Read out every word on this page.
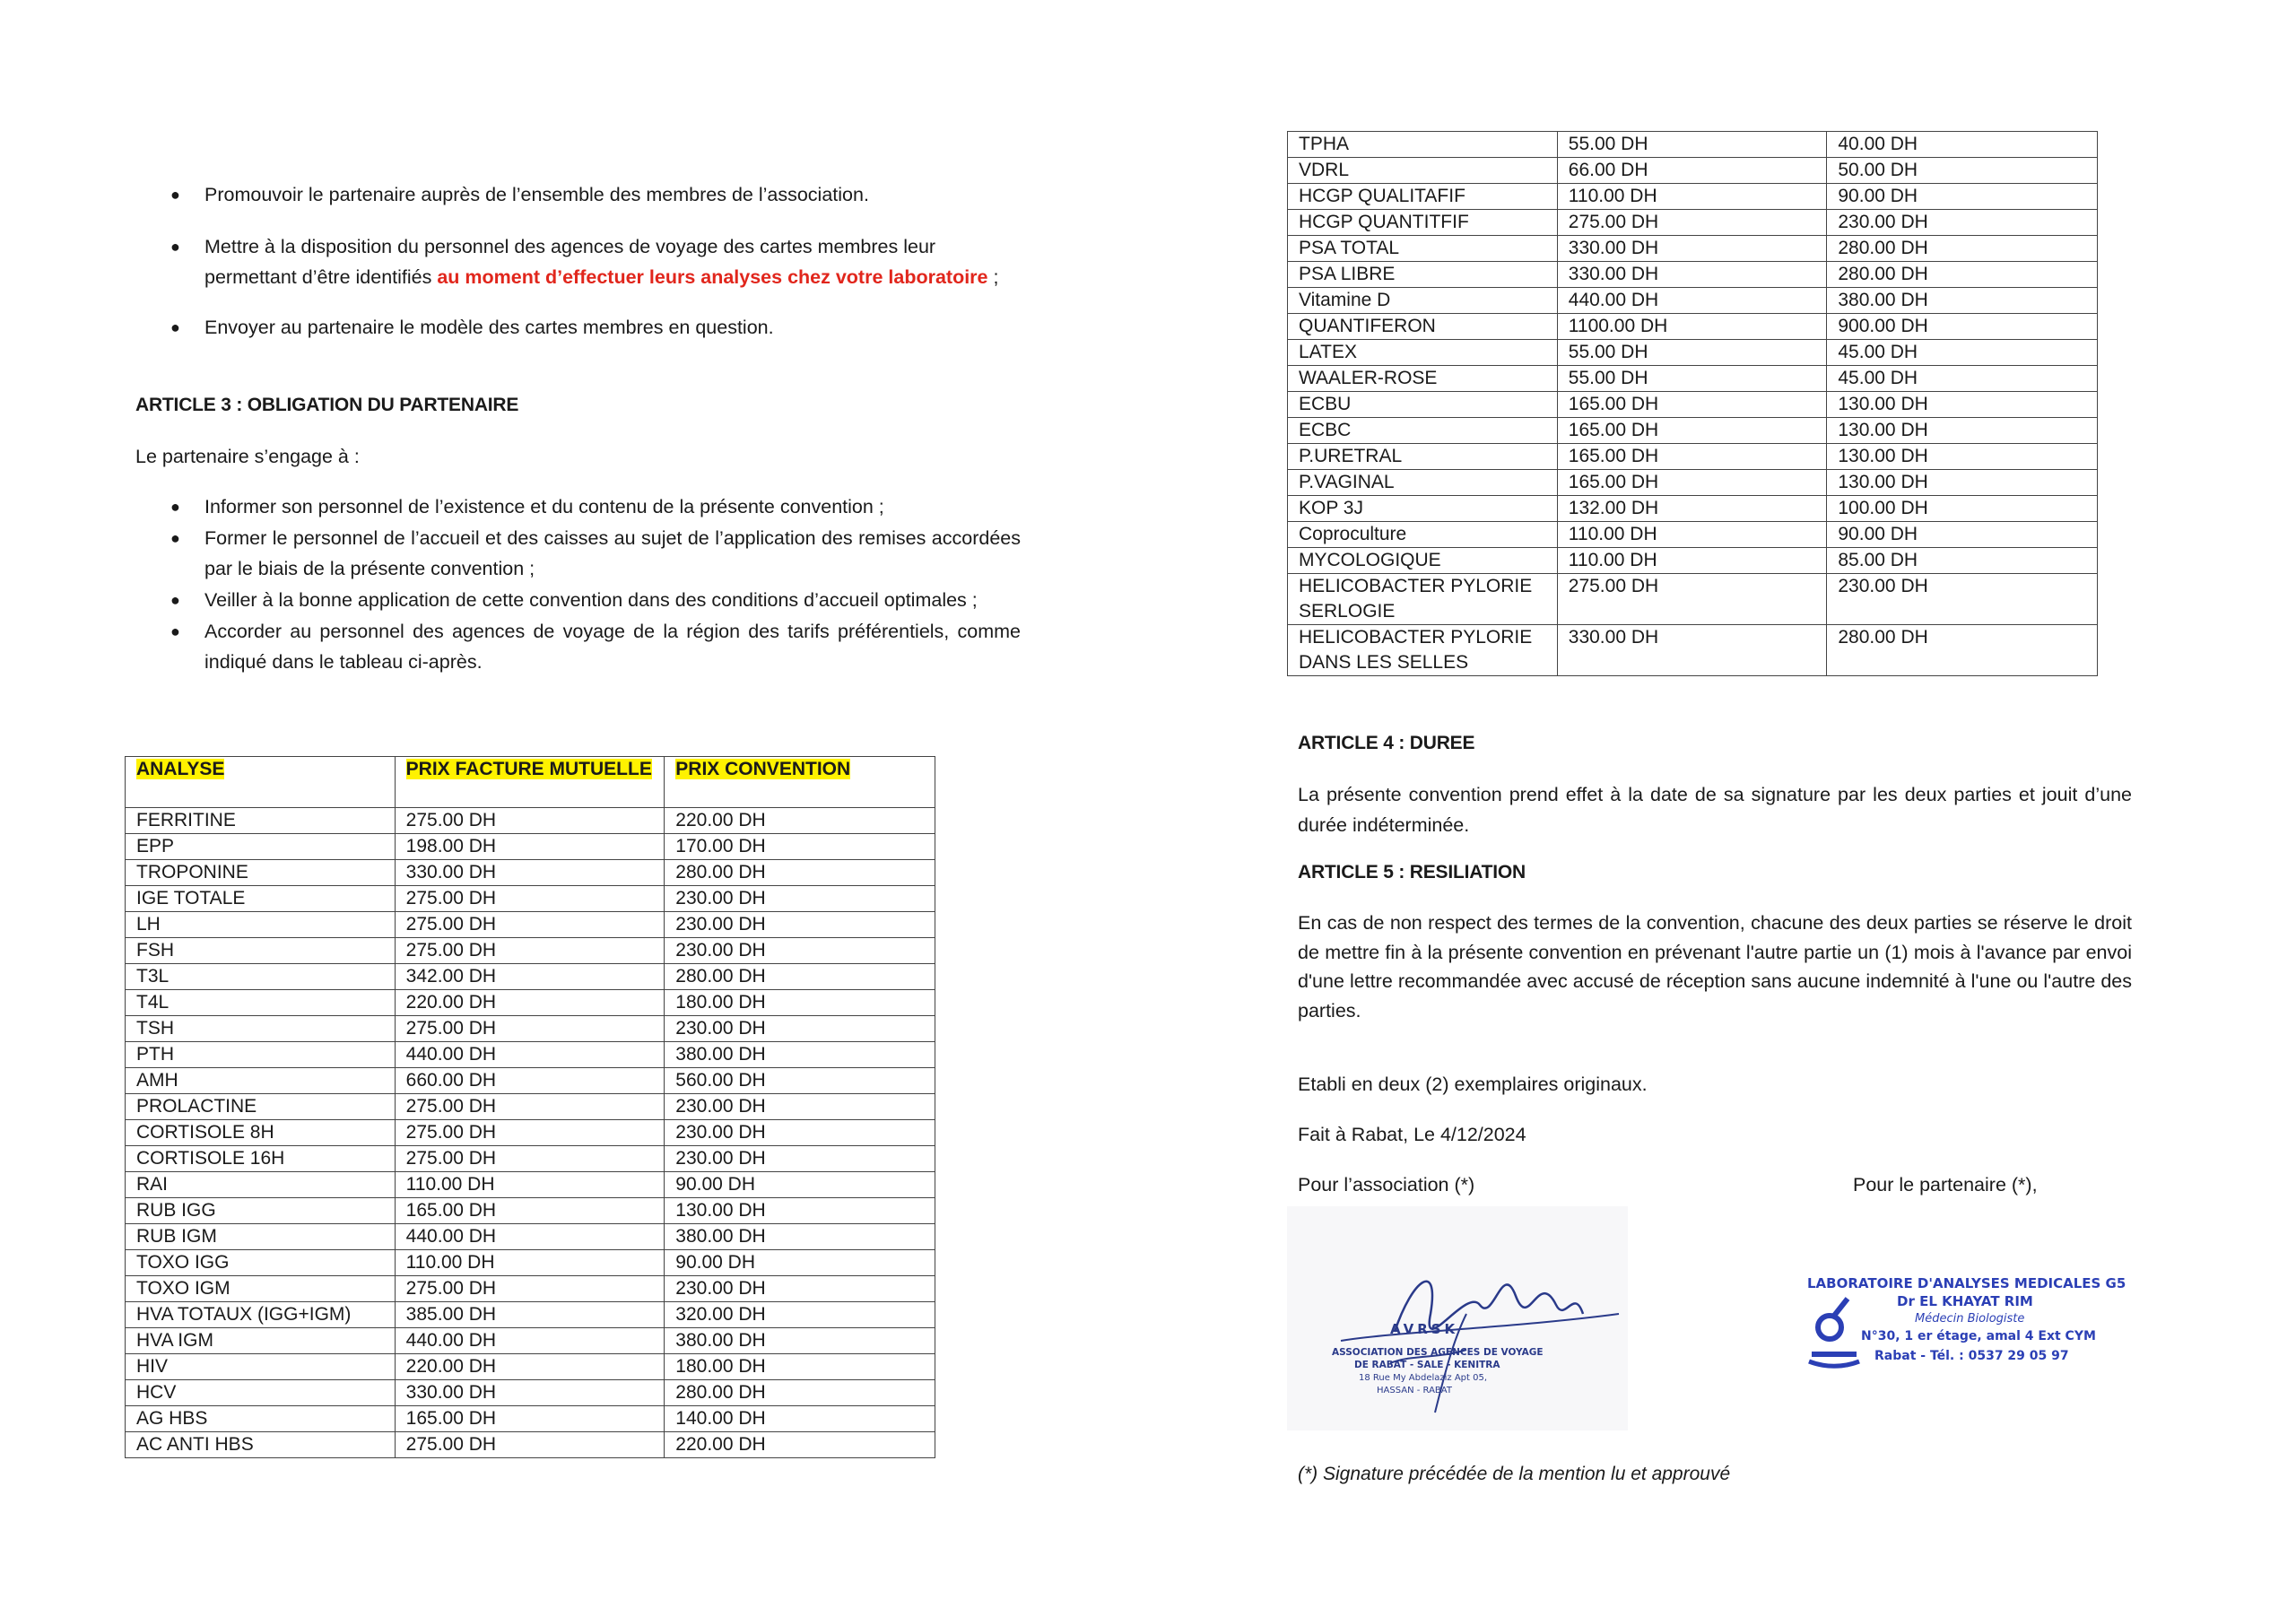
● Promouvoir le partenaire auprès de l’ensemble des membres de l’association.
● Mettre à la disposition du personnel des agences de voyage des cartes membres leur
permettant d’être identifiés au moment d’effectuer leurs analyses chez votre laboratoire ;
● Envoyer au partenaire le modèle des cartes membres en question.
ARTICLE 3 : OBLIGATION DU PARTENAIRE
Le partenaire s’engage à :
● Informer son personnel de l’existence et du contenu de la présente convention ;
● Former le personnel de l’accueil et des caisses au sujet de l’application des remises accordées par le biais de la présente convention ;
● Veiller à la bonne application de cette convention dans des conditions d’accueil optimales ;
● Accorder au personnel des agences de voyage de la région des tarifs préférentiels, comme indiqué dans le tableau ci-après.
ANALYSE	PRIX FACTURE MUTUELLE	PRIX CONVENTION
FERRITINE	275.00 DH	220.00 DH
EPP	198.00 DH	170.00 DH
TROPONINE	330.00 DH	280.00 DH
IGE TOTALE	275.00 DH	230.00 DH
LH	275.00 DH	230.00 DH
FSH	275.00 DH	230.00 DH
T3L	342.00 DH	280.00 DH
T4L	220.00 DH	180.00 DH
TSH	275.00 DH	230.00 DH
PTH	440.00 DH	380.00 DH
AMH	660.00 DH	560.00 DH
PROLACTINE	275.00 DH	230.00 DH
CORTISOLE 8H	275.00 DH	230.00 DH
CORTISOLE 16H	275.00 DH	230.00 DH
RAI	110.00 DH	90.00 DH
RUB IGG	165.00 DH	130.00 DH
RUB IGM	440.00 DH	380.00 DH
TOXO IGG	110.00 DH	90.00 DH
TOXO IGM	275.00 DH	230.00 DH
HVA TOTAUX (IGG+IGM)	385.00 DH	320.00 DH
HVA IGM	440.00 DH	380.00 DH
HIV	220.00 DH	180.00 DH
HCV	330.00 DH	280.00 DH
AG HBS	165.00 DH	140.00 DH
AC ANTI HBS	275.00 DH	220.00 DH
TPHA	55.00 DH	40.00 DH
VDRL	66.00 DH	50.00 DH
HCGP QUALITAFIF	110.00 DH	90.00 DH
HCGP QUANTITFIF	275.00 DH	230.00 DH
PSA TOTAL	330.00 DH	280.00 DH
PSA LIBRE	330.00 DH	280.00 DH
Vitamine D	440.00 DH	380.00 DH
QUANTIFERON	1100.00 DH	900.00 DH
LATEX	55.00 DH	45.00 DH
WAALER-ROSE	55.00 DH	45.00 DH
ECBU	165.00 DH	130.00 DH
ECBC	165.00 DH	130.00 DH
P.URETRAL	165.00 DH	130.00 DH
P.VAGINAL	165.00 DH	130.00 DH
KOP 3J	132.00 DH	100.00 DH
Coproculture	110.00 DH	90.00 DH
MYCOLOGIQUE	110.00 DH	85.00 DH
HELICOBACTER PYLORIE SERLOGIE	275.00 DH	230.00 DH
HELICOBACTER PYLORIE DANS LES SELLES	330.00 DH	280.00 DH
ARTICLE 4 : DUREE
La présente convention prend effet à la date de sa signature par les deux parties et jouit d’une durée indéterminée.
ARTICLE 5 : RESILIATION
En cas de non respect des termes de la convention, chacune des deux parties se réserve le droit de mettre fin à la présente convention en prévenant l'autre partie un (1) mois à l'avance par envoi d'une lettre recommandée avec accusé de réception sans aucune indemnité à l'une ou l'autre des parties.
Etabli en deux (2) exemplaires originaux.
Fait à Rabat, Le 4/12/2024
Pour l’association (*)	Pour le partenaire (*),
AVRSK
ASSOCIATION DES AGENCES DE VOYAGE
DE RABAT - SALE - KENITRA
18 Rue My Abdelaziz Apt 05,
HASSAN - RABAT
LABORATOIRE D'ANALYSES MEDICALES G5
Dr EL KHAYAT RIM
Médecin Biologiste
N°30, 1 er étage, amal 4 Ext CYM
Rabat - Tél. : 0537 29 05 97
(*) Signature précédée de la mention lu et approuvé
